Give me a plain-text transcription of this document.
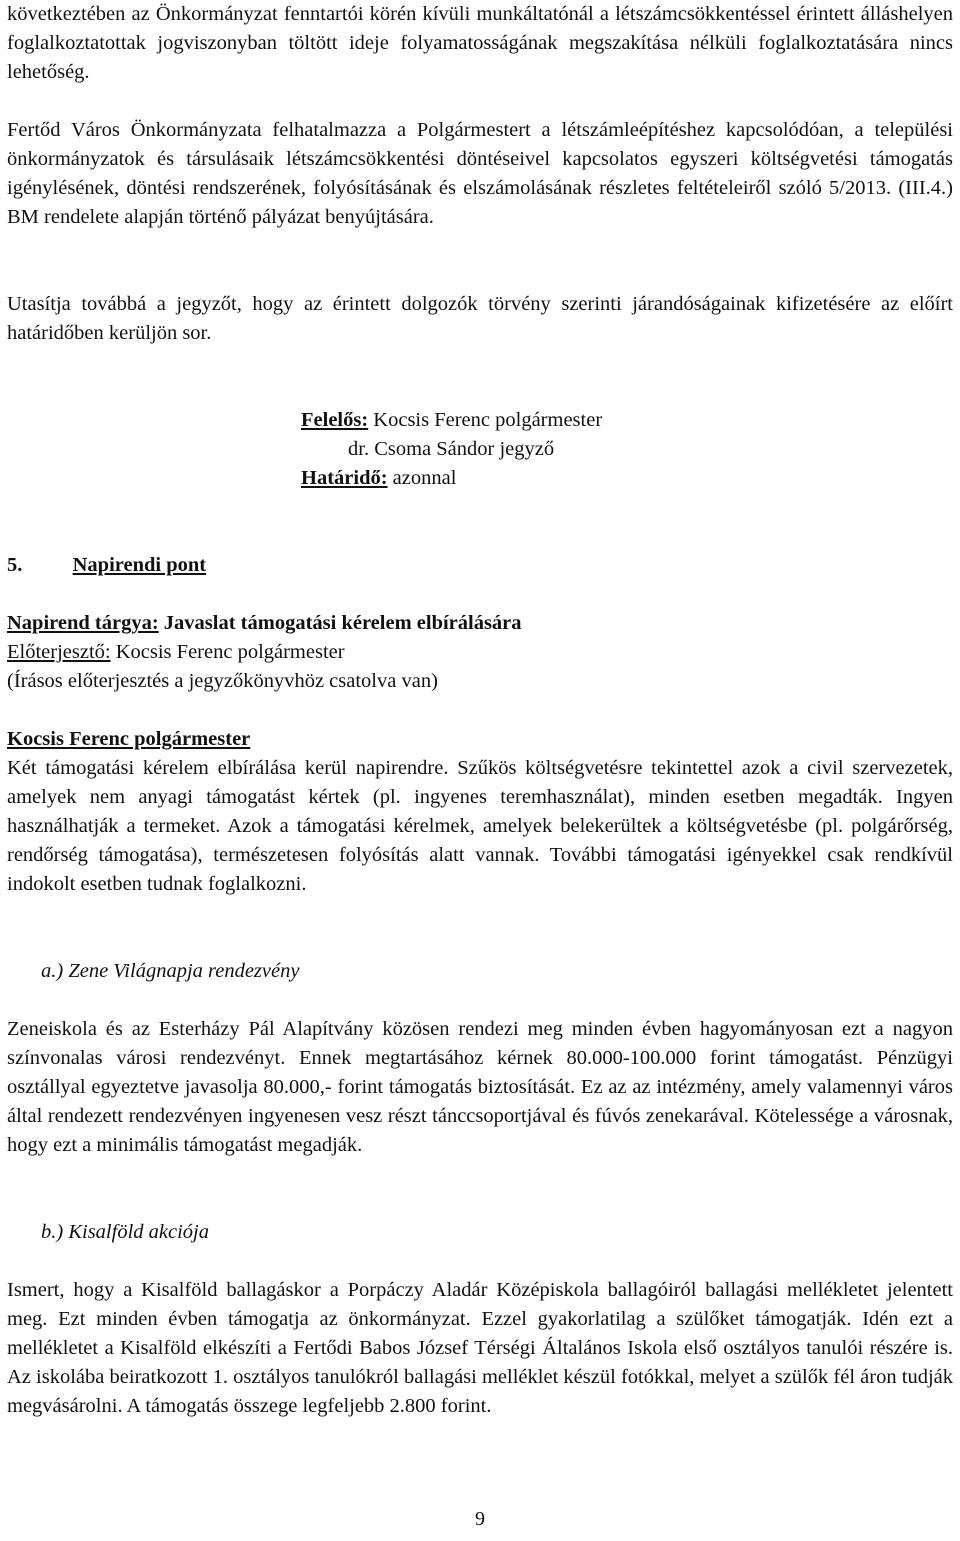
következtében az Önkormányzat fenntartói körén kívüli munkáltatónál a létszámcsökkentéssel érintett álláshelyen foglalkoztatottak jogviszonyban töltött ideje folyamatosságának megszakítása nélküli foglalkoztatására nincs lehetőség.

Fertőd Város Önkormányzata felhatalmazza a Polgármestert a létszámleépítéshez kapcsolódóan, a települési önkormányzatok és társulásaik létszámcsökkentési döntéseivel kapcsolatos egyszeri költségvetési támogatás igénylésének, döntési rendszerének, folyósításának és elszámolásának részletes feltételeiről szóló 5/2013. (III.4.) BM rendelete alapján történő pályázat benyújtására.

Utasítja továbbá a jegyzőt, hogy az érintett dolgozók törvény szerinti járandóságainak kifizetésére az előírt határidőben kerüljön sor.

Felelős: Kocsis Ferenc polgármester
dr. Csoma Sándor jegyző
Határidő: azonnal
5. Napirendi pont
Napirend tárgya: Javaslat támogatási kérelem elbírálására
Előterjesztő: Kocsis Ferenc polgármester
(Írásos előterjesztés a jegyzőkönyvhöz csatolva van)
Kocsis Ferenc polgármester

Két támogatási kérelem elbírálása kerül napirendre. Szűkös költségvetésre tekintettel azok a civil szervezetek, amelyek nem anyagi támogatást kértek (pl. ingyenes teremhasználat), minden esetben megadták. Ingyen használhatják a termeket. Azok a támogatási kérelmek, amelyek belekerültek a költségvetésbe (pl. polgárőrség, rendőrség támogatása), természetesen folyósítás alatt vannak. További támogatási igényekkel csak rendkívül indokolt esetben tudnak foglalkozni.

a.) Zene Világnapja rendezvény

Zeneiskola és az Esterházy Pál Alapítvány közösen rendezi meg minden évben hagyományosan ezt a nagyon színvonalas városi rendezvényt. Ennek megtartásához kérnek 80.000-100.000 forint támogatást. Pénzügyi osztállyal egyeztetve javasolja 80.000,- forint támogatás biztosítását. Ez az az intézmény, amely valamennyi város által rendezett rendezvényen ingyenesen vesz részt tánccsoportjával és fúvós zenekarával. Kötelessége a városnak, hogy ezt a minimális támogatást megadják.

b.) Kisalföld akciója

Ismert, hogy a Kisalföld ballagáskor a Porpáczy Aladár Középiskola ballagóiról ballagási mellékletet jelentett meg. Ezt minden évben támogatja az önkormányzat. Ezzel gyakorlatilag a szülőket támogatják. Idén ezt a mellékletet a Kisalföld elkészíti a Fertődi Babos József Térségi Általános Iskola első osztályos tanulói részére is. Az iskolába beiratkozott 1. osztályos tanulókról ballagási melléklet készül fotókkal, melyet a szülők fél áron tudják megvásárolni. A támogatás összege legfeljebb 2.800 forint.

9
